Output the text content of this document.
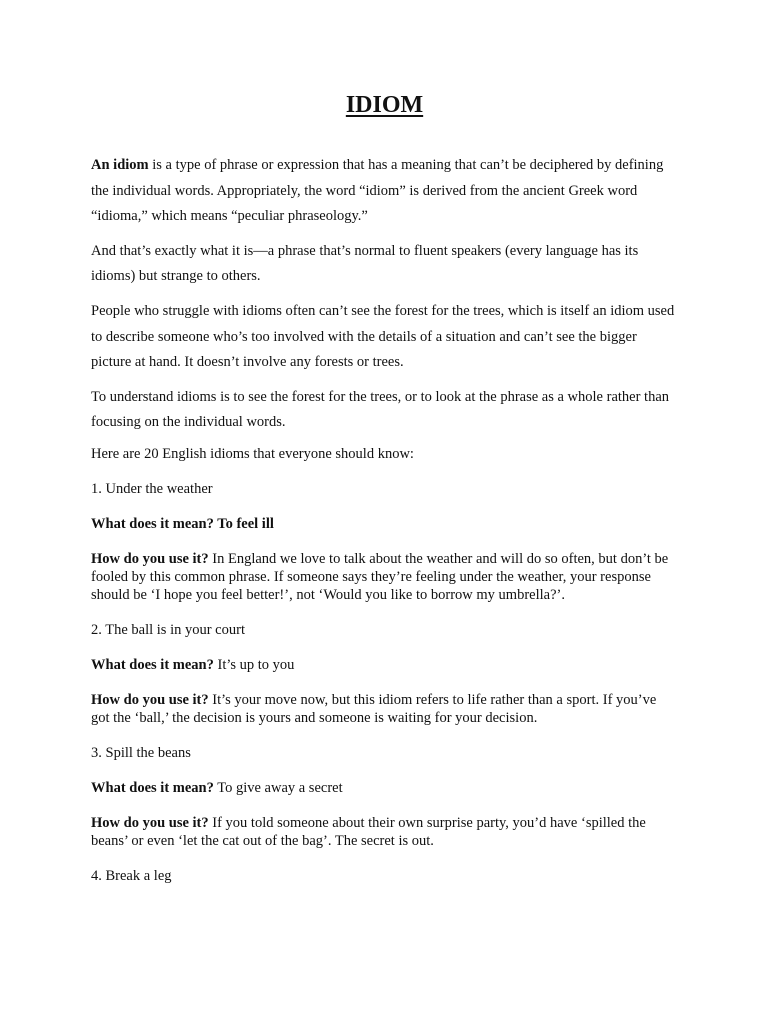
IDIOM

An idiom is a type of phrase or expression that has a meaning that can’t be deciphered by defining the individual words. Appropriately, the word “idiom” is derived from the ancient Greek word “idioma,” which means “peculiar phraseology.”

And that’s exactly what it is—a phrase that’s normal to fluent speakers (every language has its idioms) but strange to others.

People who struggle with idioms often can’t see the forest for the trees, which is itself an idiom used to describe someone who’s too involved with the details of a situation and can’t see the bigger picture at hand. It doesn’t involve any forests or trees.

To understand idioms is to see the forest for the trees, or to look at the phrase as a whole rather than focusing on the individual words.

Here are 20 English idioms that everyone should know:

1. Under the weather

What does it mean? To feel ill

How do you use it? In England we love to talk about the weather and will do so often, but don’t be fooled by this common phrase. If someone says they’re feeling under the weather, your response should be ‘I hope you feel better!’, not ‘Would you like to borrow my umbrella?’.

2. The ball is in your court

What does it mean? It’s up to you

How do you use it? It’s your move now, but this idiom refers to life rather than a sport. If you’ve got the ‘ball,’ the decision is yours and someone is waiting for your decision.

3. Spill the beans

What does it mean? To give away a secret

How do you use it? If you told someone about their own surprise party, you’d have ‘spilled the beans’ or even ‘let the cat out of the bag’. The secret is out.

4. Break a leg
